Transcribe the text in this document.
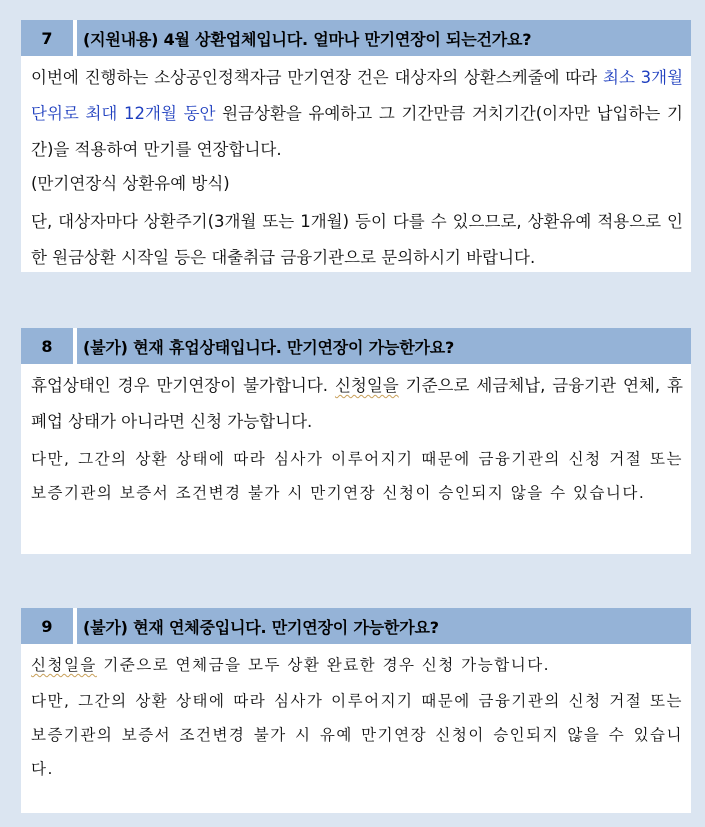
7	(지원내용) 4월 상환업체입니다. 얼마나 만기연장이 되는건가요?

이번에 진행하는 소상공인정책자금 만기연장 건은 대상자의 상환스케줄에 따라 최소 3개월 단위로 최대 12개월 동안 원금상환을 유예하고 그 기간만큼 거치기간(이자만 납입하는 기간)을 적용하여 만기를 연장합니다.

(만기연장식 상환유예 방식)

단, 대상자마다 상환주기(3개월 또는 1개월) 등이 다를 수 있으므로, 상환유예 적용으로 인한 원금상환 시작일 등은 대출취급 금융기관으로 문의하시기 바랍니다.

8	(불가) 현재 휴업상태입니다. 만기연장이 가능한가요?

휴업상태인 경우 만기연장이 불가합니다. 신청일을 기준으로 세금체납, 금융기관 연체, 휴폐업 상태가 아니라면 신청 가능합니다.

다만, 그간의 상환 상태에 따라 심사가 이루어지기 때문에 금융기관의 신청 거절 또는 보증기관의 보증서 조건변경 불가 시 만기연장 신청이 승인되지 않을 수 있습니다.

9	(불가) 현재 연체중입니다. 만기연장이 가능한가요?

신청일을 기준으로 연체금을 모두 상환 완료한 경우 신청 가능합니다.

다만, 그간의 상환 상태에 따라 심사가 이루어지기 때문에 금융기관의 신청 거절 또는 보증기관의 보증서 조건변경 불가 시 유예 만기연장 신청이 승인되지 않을 수 있습니다.
